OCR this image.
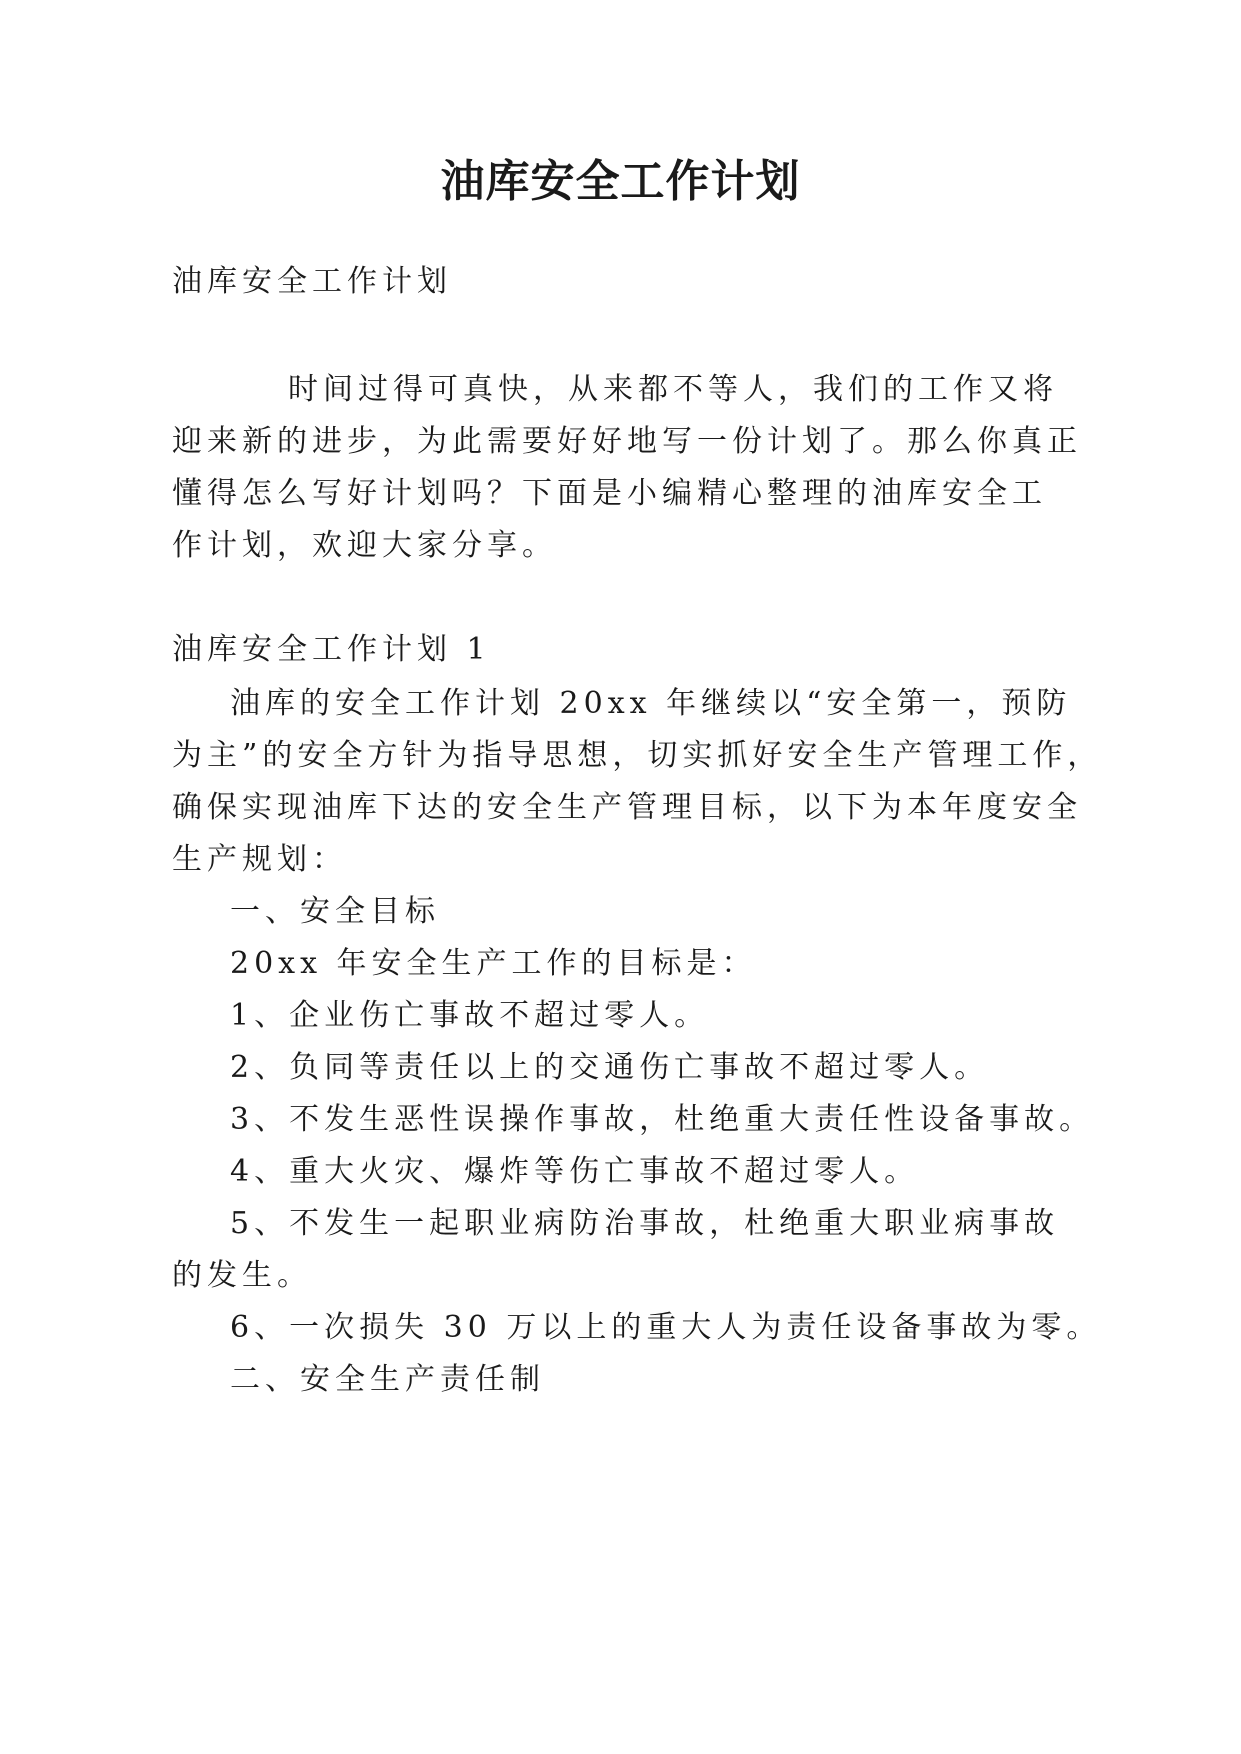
油库安全工作计划
油库安全工作计划
时间过得可真快，从来都不等人，我们的工作又将
迎来新的进步，为此需要好好地写一份计划了。那么你真正
懂得怎么写好计划吗？下面是小编精心整理的油库安全工
作计划，欢迎大家分享。
油库安全工作计划 1
油库的安全工作计划 20xx 年继续以“安全第一，预防
为主”的安全方针为指导思想，切实抓好安全生产管理工作，
确保实现油库下达的安全生产管理目标，以下为本年度安全
生产规划：
一、安全目标
20xx 年安全生产工作的目标是：
1、企业伤亡事故不超过零人。
2、负同等责任以上的交通伤亡事故不超过零人。
3、不发生恶性误操作事故，杜绝重大责任性设备事故。
4、重大火灾、爆炸等伤亡事故不超过零人。
5、不发生一起职业病防治事故，杜绝重大职业病事故
的发生。
6、一次损失 30 万以上的重大人为责任设备事故为零。
二、安全生产责任制
